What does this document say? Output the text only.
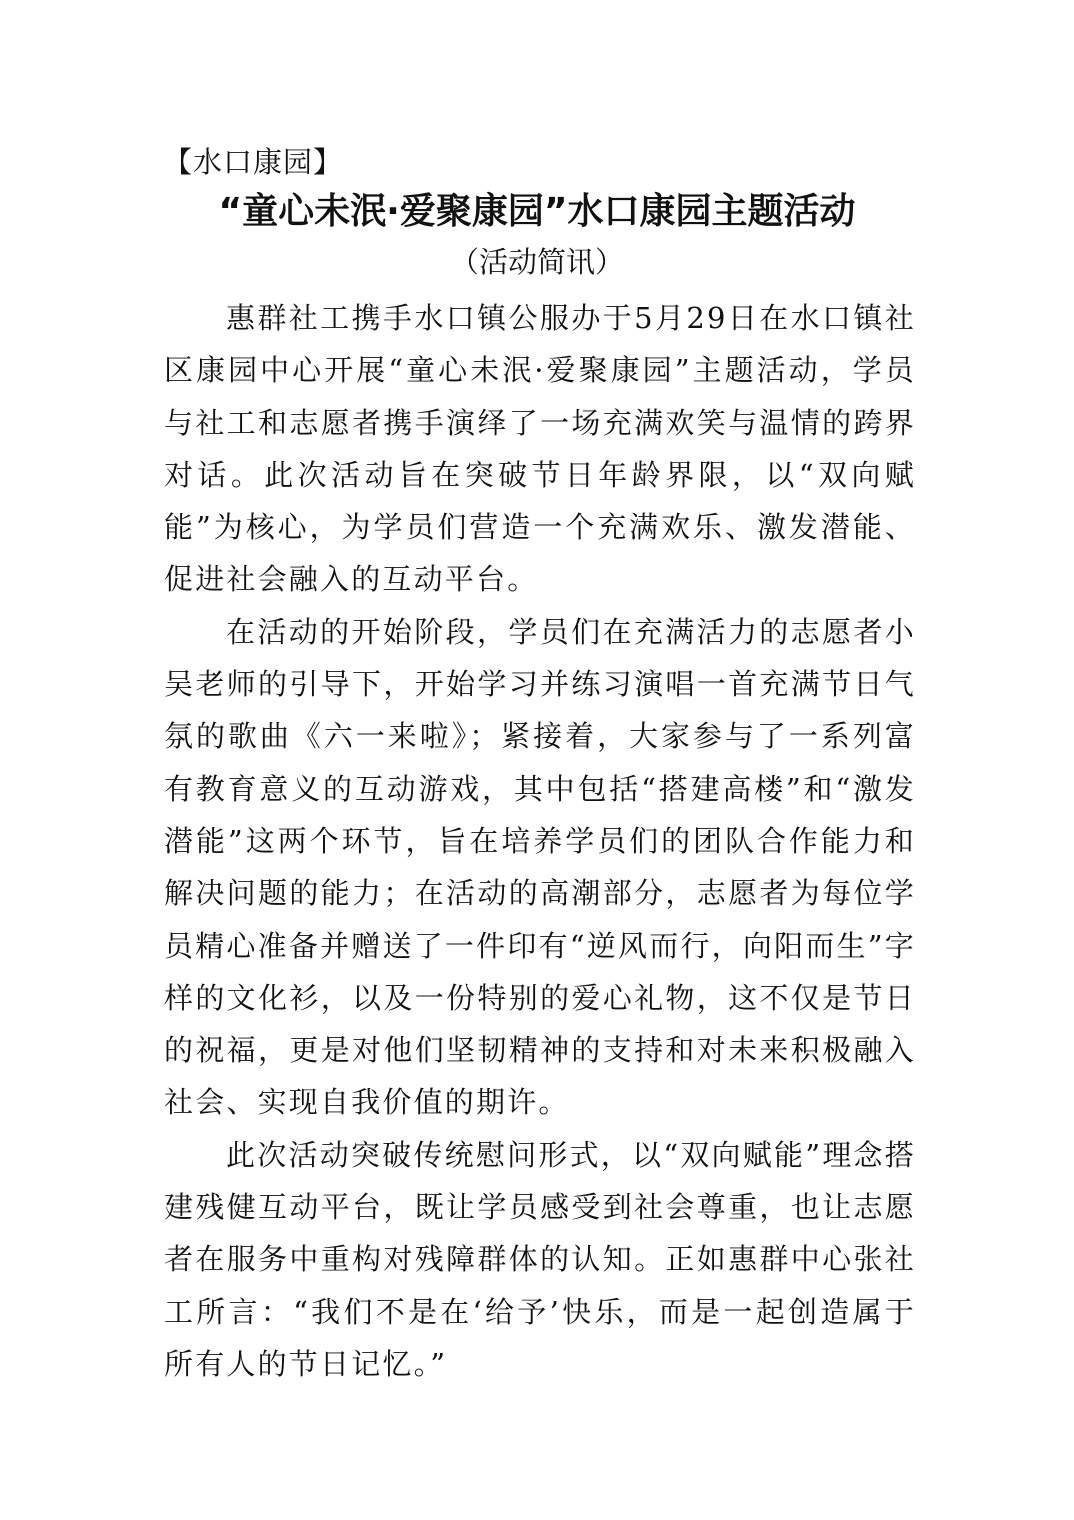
【水口康园】
“童心未泯·爱聚康园”水口康园主题活动
（活动简讯）

惠群社工携手水口镇公服办于5月29日在水口镇社区康园中心开展“童心未泯·爱聚康园”主题活动，学员与社工和志愿者携手演绎了一场充满欢笑与温情的跨界对话。此次活动旨在突破节日年龄界限，以“双向赋能”为核心，为学员们营造一个充满欢乐、激发潜能、促进社会融入的互动平台。

在活动的开始阶段，学员们在充满活力的志愿者小吴老师的引导下，开始学习并练习演唱一首充满节日气氛的歌曲《六一来啦》；紧接着，大家参与了一系列富有教育意义的互动游戏，其中包括“搭建高楼”和“激发潜能”这两个环节，旨在培养学员们的团队合作能力和解决问题的能力；在活动的高潮部分，志愿者为每位学员精心准备并赠送了一件印有“逆风而行，向阳而生”字样的文化衫，以及一份特别的爱心礼物，这不仅是节日的祝福，更是对他们坚韧精神的支持和对未来积极融入社会、实现自我价值的期许。

此次活动突破传统慰问形式，以“双向赋能”理念搭建残健互动平台，既让学员感受到社会尊重，也让志愿者在服务中重构对残障群体的认知。正如惠群中心张社工所言：“我们不是在‘给予’快乐，而是一起创造属于所有人的节日记忆。”
